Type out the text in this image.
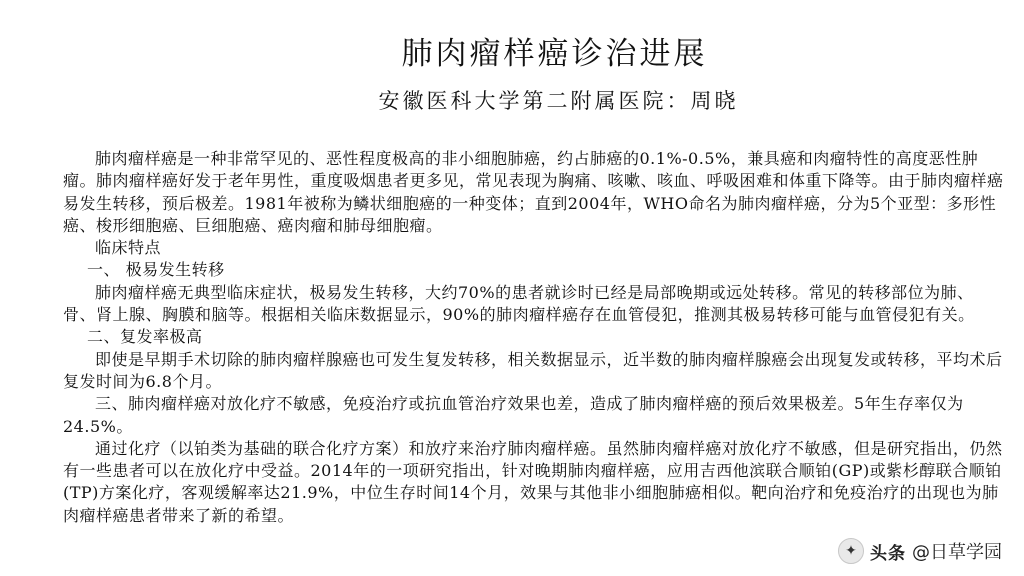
肺肉瘤样癌诊治进展
安徽医科大学第二附属医院：周晓

肺肉瘤样癌是一种非常罕见的、恶性程度极高的非小细胞肺癌，约占肺癌的0.1%-0.5%，兼具癌和肉瘤特性的高度恶性肿瘤。肺肉瘤样癌好发于老年男性，重度吸烟患者更多见，常见表现为胸痛、咳嗽、咳血、呼吸困难和体重下降等。由于肺肉瘤样癌易发生转移，预后极差。1981年被称为鳞状细胞癌的一种变体；直到2004年，WHO命名为肺肉瘤样癌，分为5个亚型：多形性癌、梭形细胞癌、巨细胞癌、癌肉瘤和肺母细胞瘤。

临床特点

一、 极易发生转移

肺肉瘤样癌无典型临床症状，极易发生转移，大约70%的患者就诊时已经是局部晚期或远处转移。常见的转移部位为肺、骨、肾上腺、胸膜和脑等。根据相关临床数据显示，90%的肺肉瘤样癌存在血管侵犯，推测其极易转移可能与血管侵犯有关。

二、复发率极高

即使是早期手术切除的肺肉瘤样腺癌也可发生复发转移，相关数据显示，近半数的肺肉瘤样腺癌会出现复发或转移，平均术后复发时间为6.8个月。

三、肺肉瘤样癌对放化疗不敏感，免疫治疗或抗血管治疗效果也差，造成了肺肉瘤样癌的预后效果极差。5年生存率仅为24.5%。

通过化疗（以铂类为基础的联合化疗方案）和放疗来治疗肺肉瘤样癌。虽然肺肉瘤样癌对放化疗不敏感，但是研究指出，仍然有一些患者可以在放化疗中受益。2014年的一项研究指出，针对晚期肺肉瘤样癌，应用吉西他滨联合顺铂(GP)或紫杉醇联合顺铂(TP)方案化疗，客观缓解率达21.9%，中位生存时间14个月，效果与其他非小细胞肺癌相似。靶向治疗和免疫治疗的出现也为肺肉瘤样癌患者带来了新的希望。

✦ 头条 @日草学园
